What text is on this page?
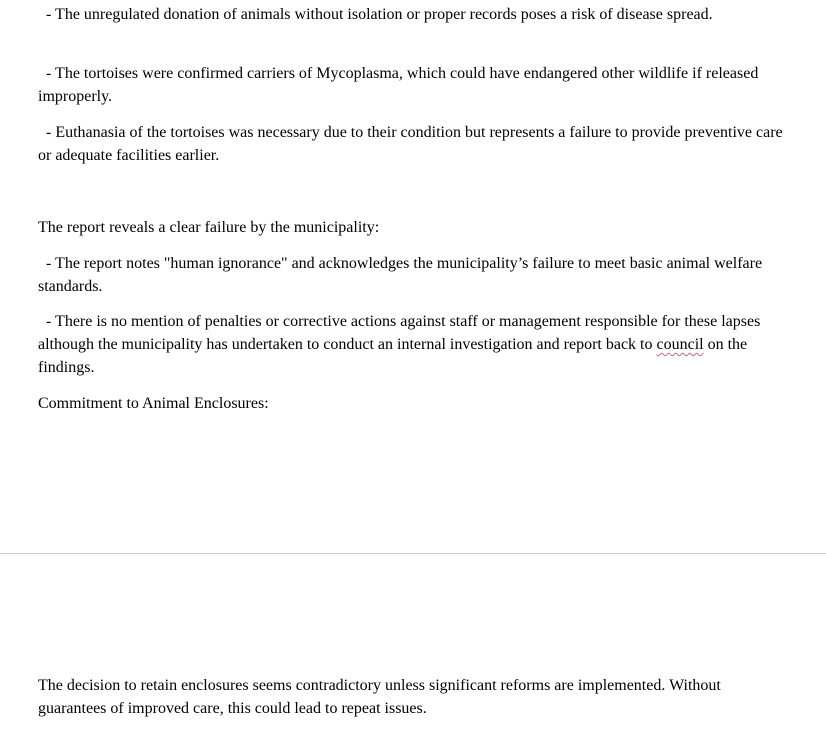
- The unregulated donation of animals without isolation or proper records poses a risk of disease spread.

- The tortoises were confirmed carriers of Mycoplasma, which could have endangered other wildlife if released improperly.

- Euthanasia of the tortoises was necessary due to their condition but represents a failure to provide preventive care or adequate facilities earlier.

The report reveals a clear failure by the municipality:

- The report notes "human ignorance" and acknowledges the municipality’s failure to meet basic animal welfare standards.

- There is no mention of penalties or corrective actions against staff or management responsible for these lapses although the municipality has undertaken to conduct an internal investigation and report back to council on the findings.

Commitment to Animal Enclosures:

The decision to retain enclosures seems contradictory unless significant reforms are implemented. Without guarantees of improved care, this could lead to repeat issues.
